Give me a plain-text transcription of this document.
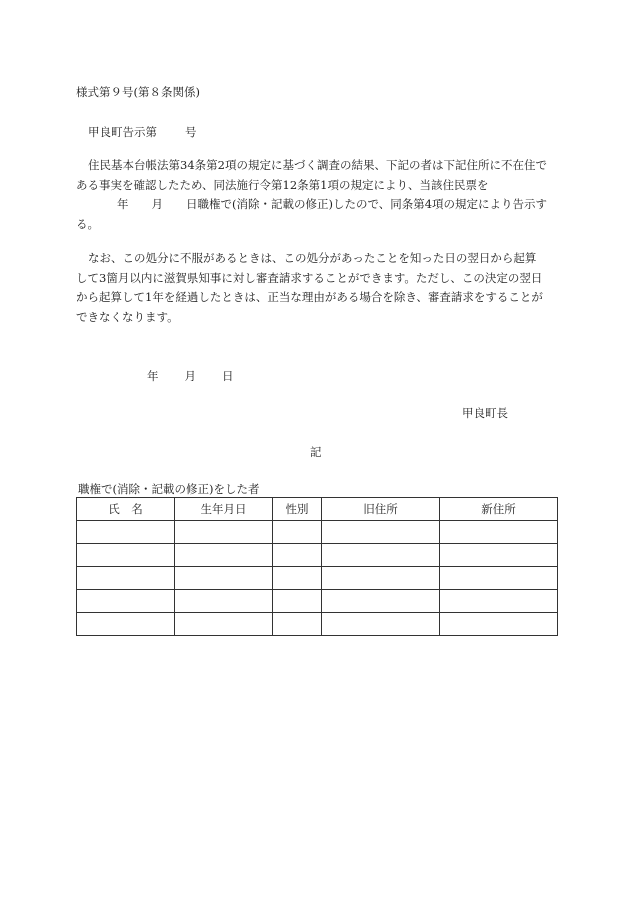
様式第９号(第８条関係)
甲良町告示第 号
住民基本台帳法第34条第2項の規定に基づく調査の結果、下記の者は下記住所に不在住で
ある事実を確認したため、同法施行令第12条第1項の規定により、当該住民票を
年　　月　　日職権で(消除・記載の修正)したので、同条第4項の規定により告示す
る。
なお、この処分に不服があるときは、この処分があったことを知った日の翌日から起算
して3箇月以内に滋賀県知事に対し審査請求することができます。ただし、この決定の翌日
から起算して1年を経過したときは、正当な理由がある場合を除き、審査請求をすることが
できなくなります。
年 月 日
甲良町長
記
職権で(消除・記載の修正)をした者
氏　名	生年月日	性別	旧住所	新住所
